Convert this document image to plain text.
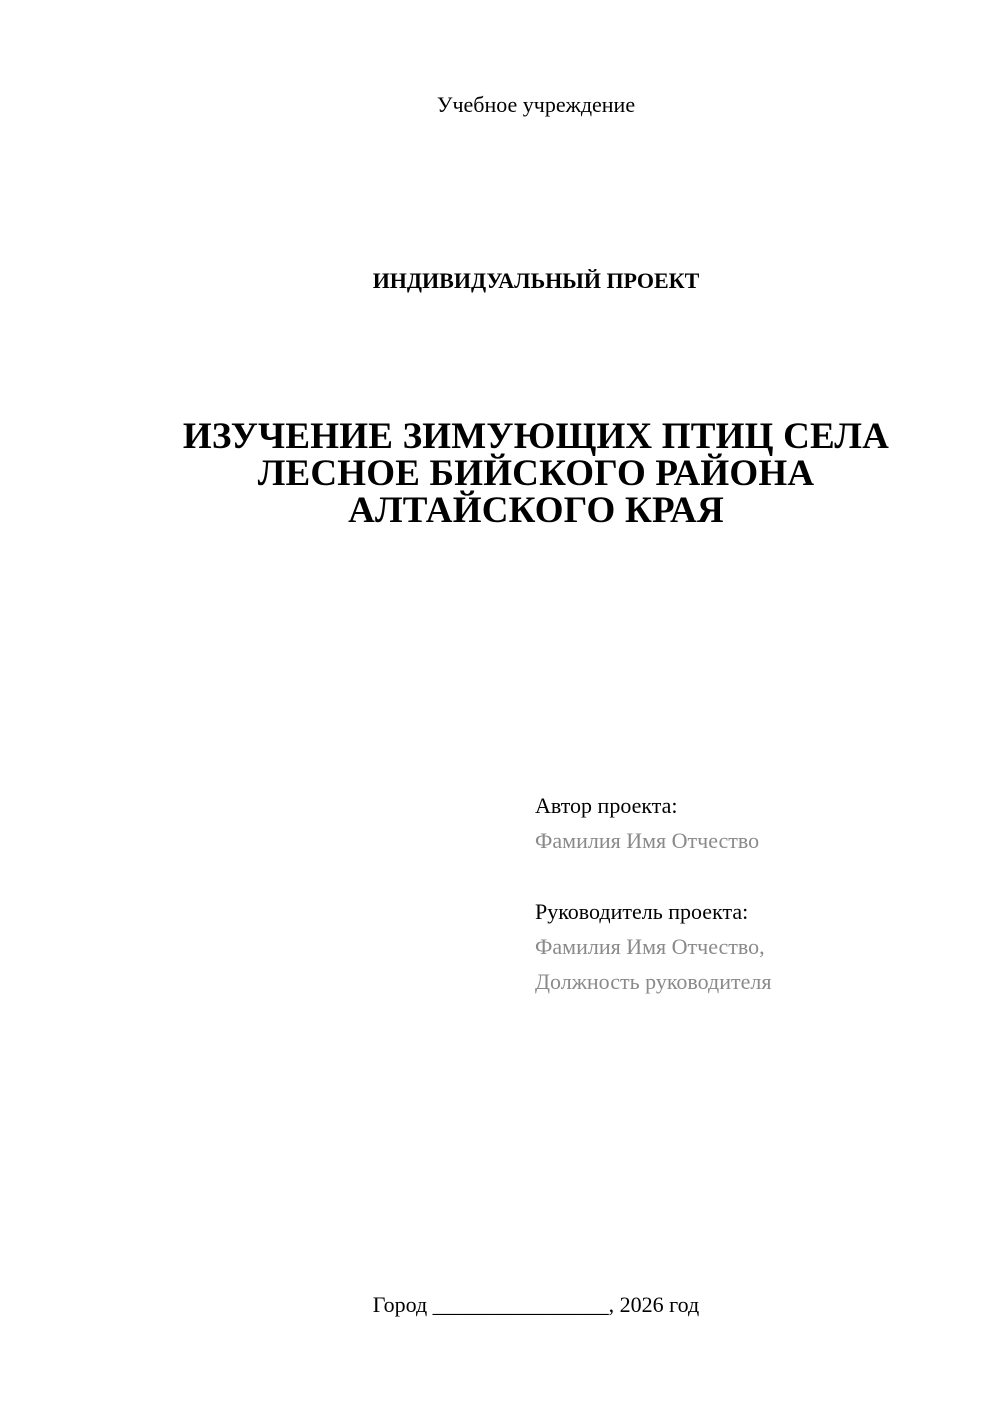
Учебное учреждение
ИНДИВИДУАЛЬНЫЙ ПРОЕКТ
ИЗУЧЕНИЕ ЗИМУЮЩИХ ПТИЦ СЕЛА
ЛЕСНОЕ БИЙСКОГО РАЙОНА
АЛТАЙСКОГО КРАЯ
Автор проекта:
Фамилия Имя Отчество
Руководитель проекта:
Фамилия Имя Отчество,
Должность руководителя
Город ________________, 2026 год
